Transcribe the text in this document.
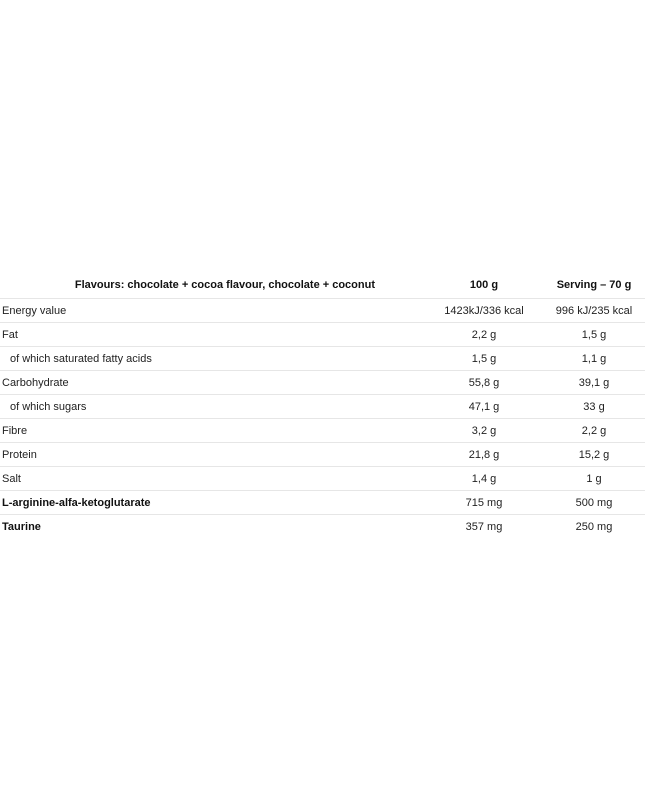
Flavours: chocolate + cocoa flavour, chocolate + coconut	100 g	Serving – 70 g
Energy value	1423kJ/336 kcal	996 kJ/235 kcal
Fat	2,2 g	1,5 g
of which saturated fatty acids	1,5 g	1,1 g
Carbohydrate	55,8 g	39,1 g
of which sugars	47,1 g	33 g
Fibre	3,2 g	2,2 g
Protein	21,8 g	15,2 g
Salt	1,4 g	1 g
L-arginine-alfa-ketoglutarate	715 mg	500 mg
Taurine	357 mg	250 mg
